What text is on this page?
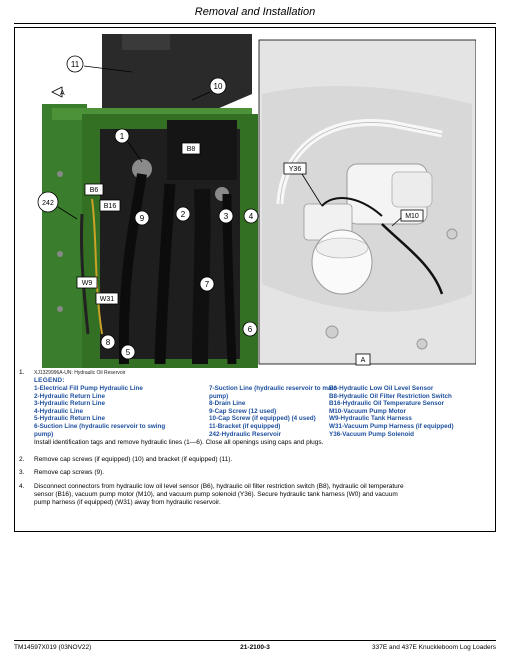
Removal and Installation
11
10
A
1
B8
B6
B16
242
9	2	3	4
W9
W31
7
8
5
6
Y36
M10
A
1. XJ1329996A-UN: Hydraulic Oil Reservoir
LEGEND:
1-Electrical Fill Pump Hydraulic Line
2-Hydraulic Return Line
3-Hydraulic Return Line
4-Hydraulic Line
5-Hydraulic Return Line
6-Suction Line (hydraulic reservoir to swing
pump)
7-Suction Line (hydraulic reservoir to main
pump)
8-Drain Line
9-Cap Screw (12 used)
10-Cap Screw (if equipped) (4 used)
11-Bracket (if equipped)
242-Hydraulic Reservoir
B6-Hydraulic Low Oil Level Sensor
B8-Hydraulic Oil Filter Restriction Switch
B16-Hydraulic Oil Temperature Sensor
M10-Vacuum Pump Motor
W9-Hydraulic Tank Harness
W31-Vacuum Pump Harness (if equipped)
Y36-Vacuum Pump Solenoid
Install identification tags and remove hydraulic lines (1—6). Close all openings using caps and plugs.
2. Remove cap screws (if equipped) (10) and bracket (if equipped) (11).
3. Remove cap screws (9).
4. Disconnect connectors from hydraulic low oil level sensor (B6), hydraulic oil filter restriction switch (B8), hydraulic oil temperature
sensor (B16), vacuum pump motor (M10), and vacuum pump solenoid (Y36). Secure hydraulic tank harness (W0) and vacuum
pump harness (if equipped) (W31) away from hydraulic reservoir.
TM14597X019 (03NOV22)	21-2100-3	337E and 437E Knuckleboom Log Loaders
